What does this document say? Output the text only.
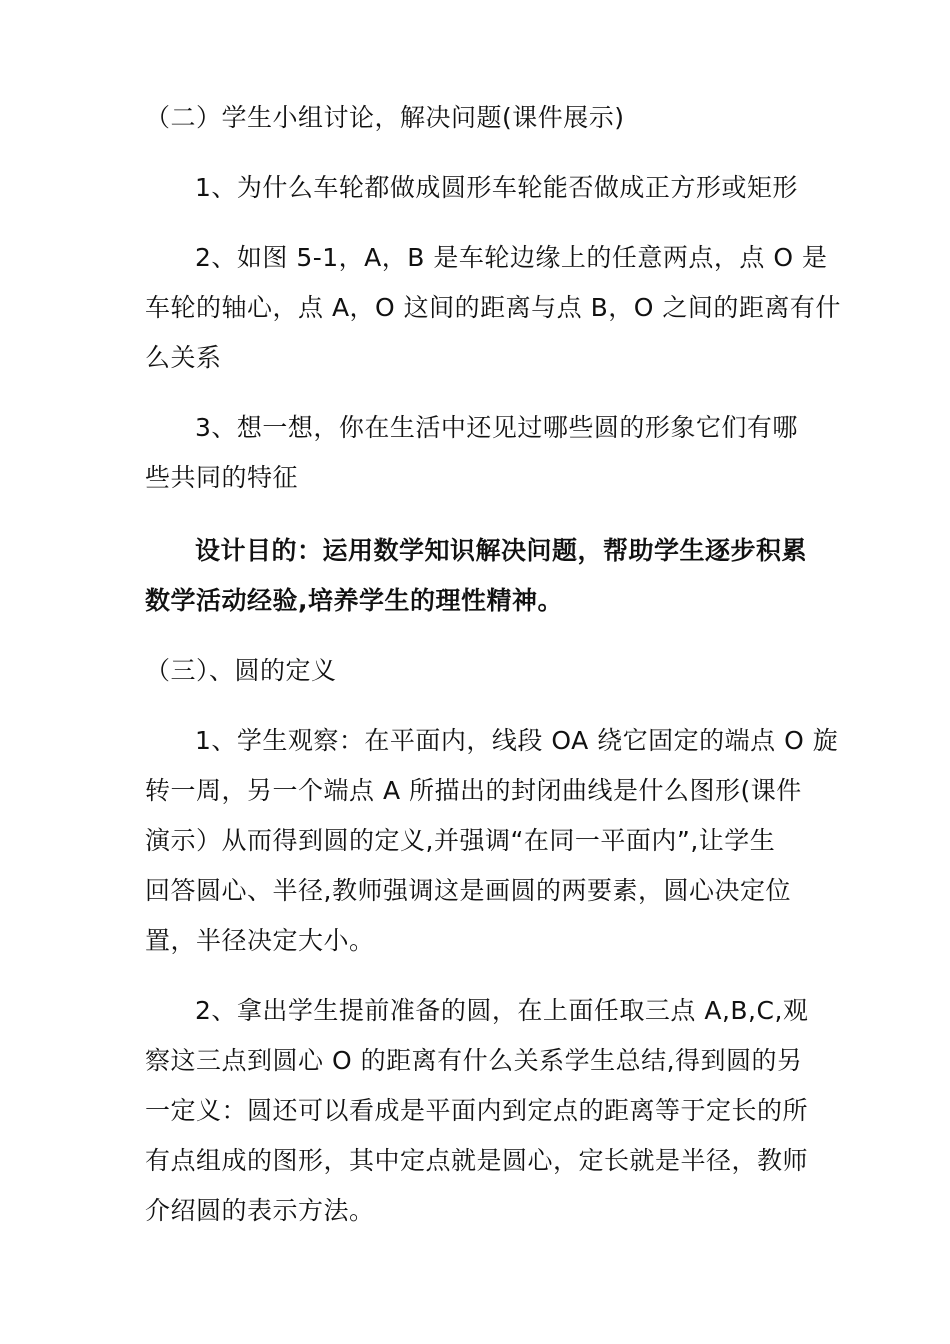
（二）学生小组讨论，解决问题(课件展示)
1、为什么车轮都做成圆形车轮能否做成正方形或矩形
2、如图 5-1，A，B 是车轮边缘上的任意两点，点 O 是
车轮的轴心，点 A，O 这间的距离与点 B，O 之间的距离有什
么关系
3、想一想，你在生活中还见过哪些圆的形象它们有哪
些共同的特征
设计目的：运用数学知识解决问题，帮助学生逐步积累
数学活动经验,培养学生的理性精神。
（三）、圆的定义
1、学生观察：在平面内，线段 OA 绕它固定的端点 O 旋
转一周，另一个端点 A 所描出的封闭曲线是什么图形(课件
演示）从而得到圆的定义,并强调“在同一平面内”,让学生
回答圆心、半径,教师强调这是画圆的两要素，圆心决定位
置，半径决定大小。
2、拿出学生提前准备的圆，在上面任取三点 A,B,C,观
察这三点到圆心 O 的距离有什么关系学生总结,得到圆的另
一定义：圆还可以看成是平面内到定点的距离等于定长的所
有点组成的图形，其中定点就是圆心，定长就是半径，教师
介绍圆的表示方法。
